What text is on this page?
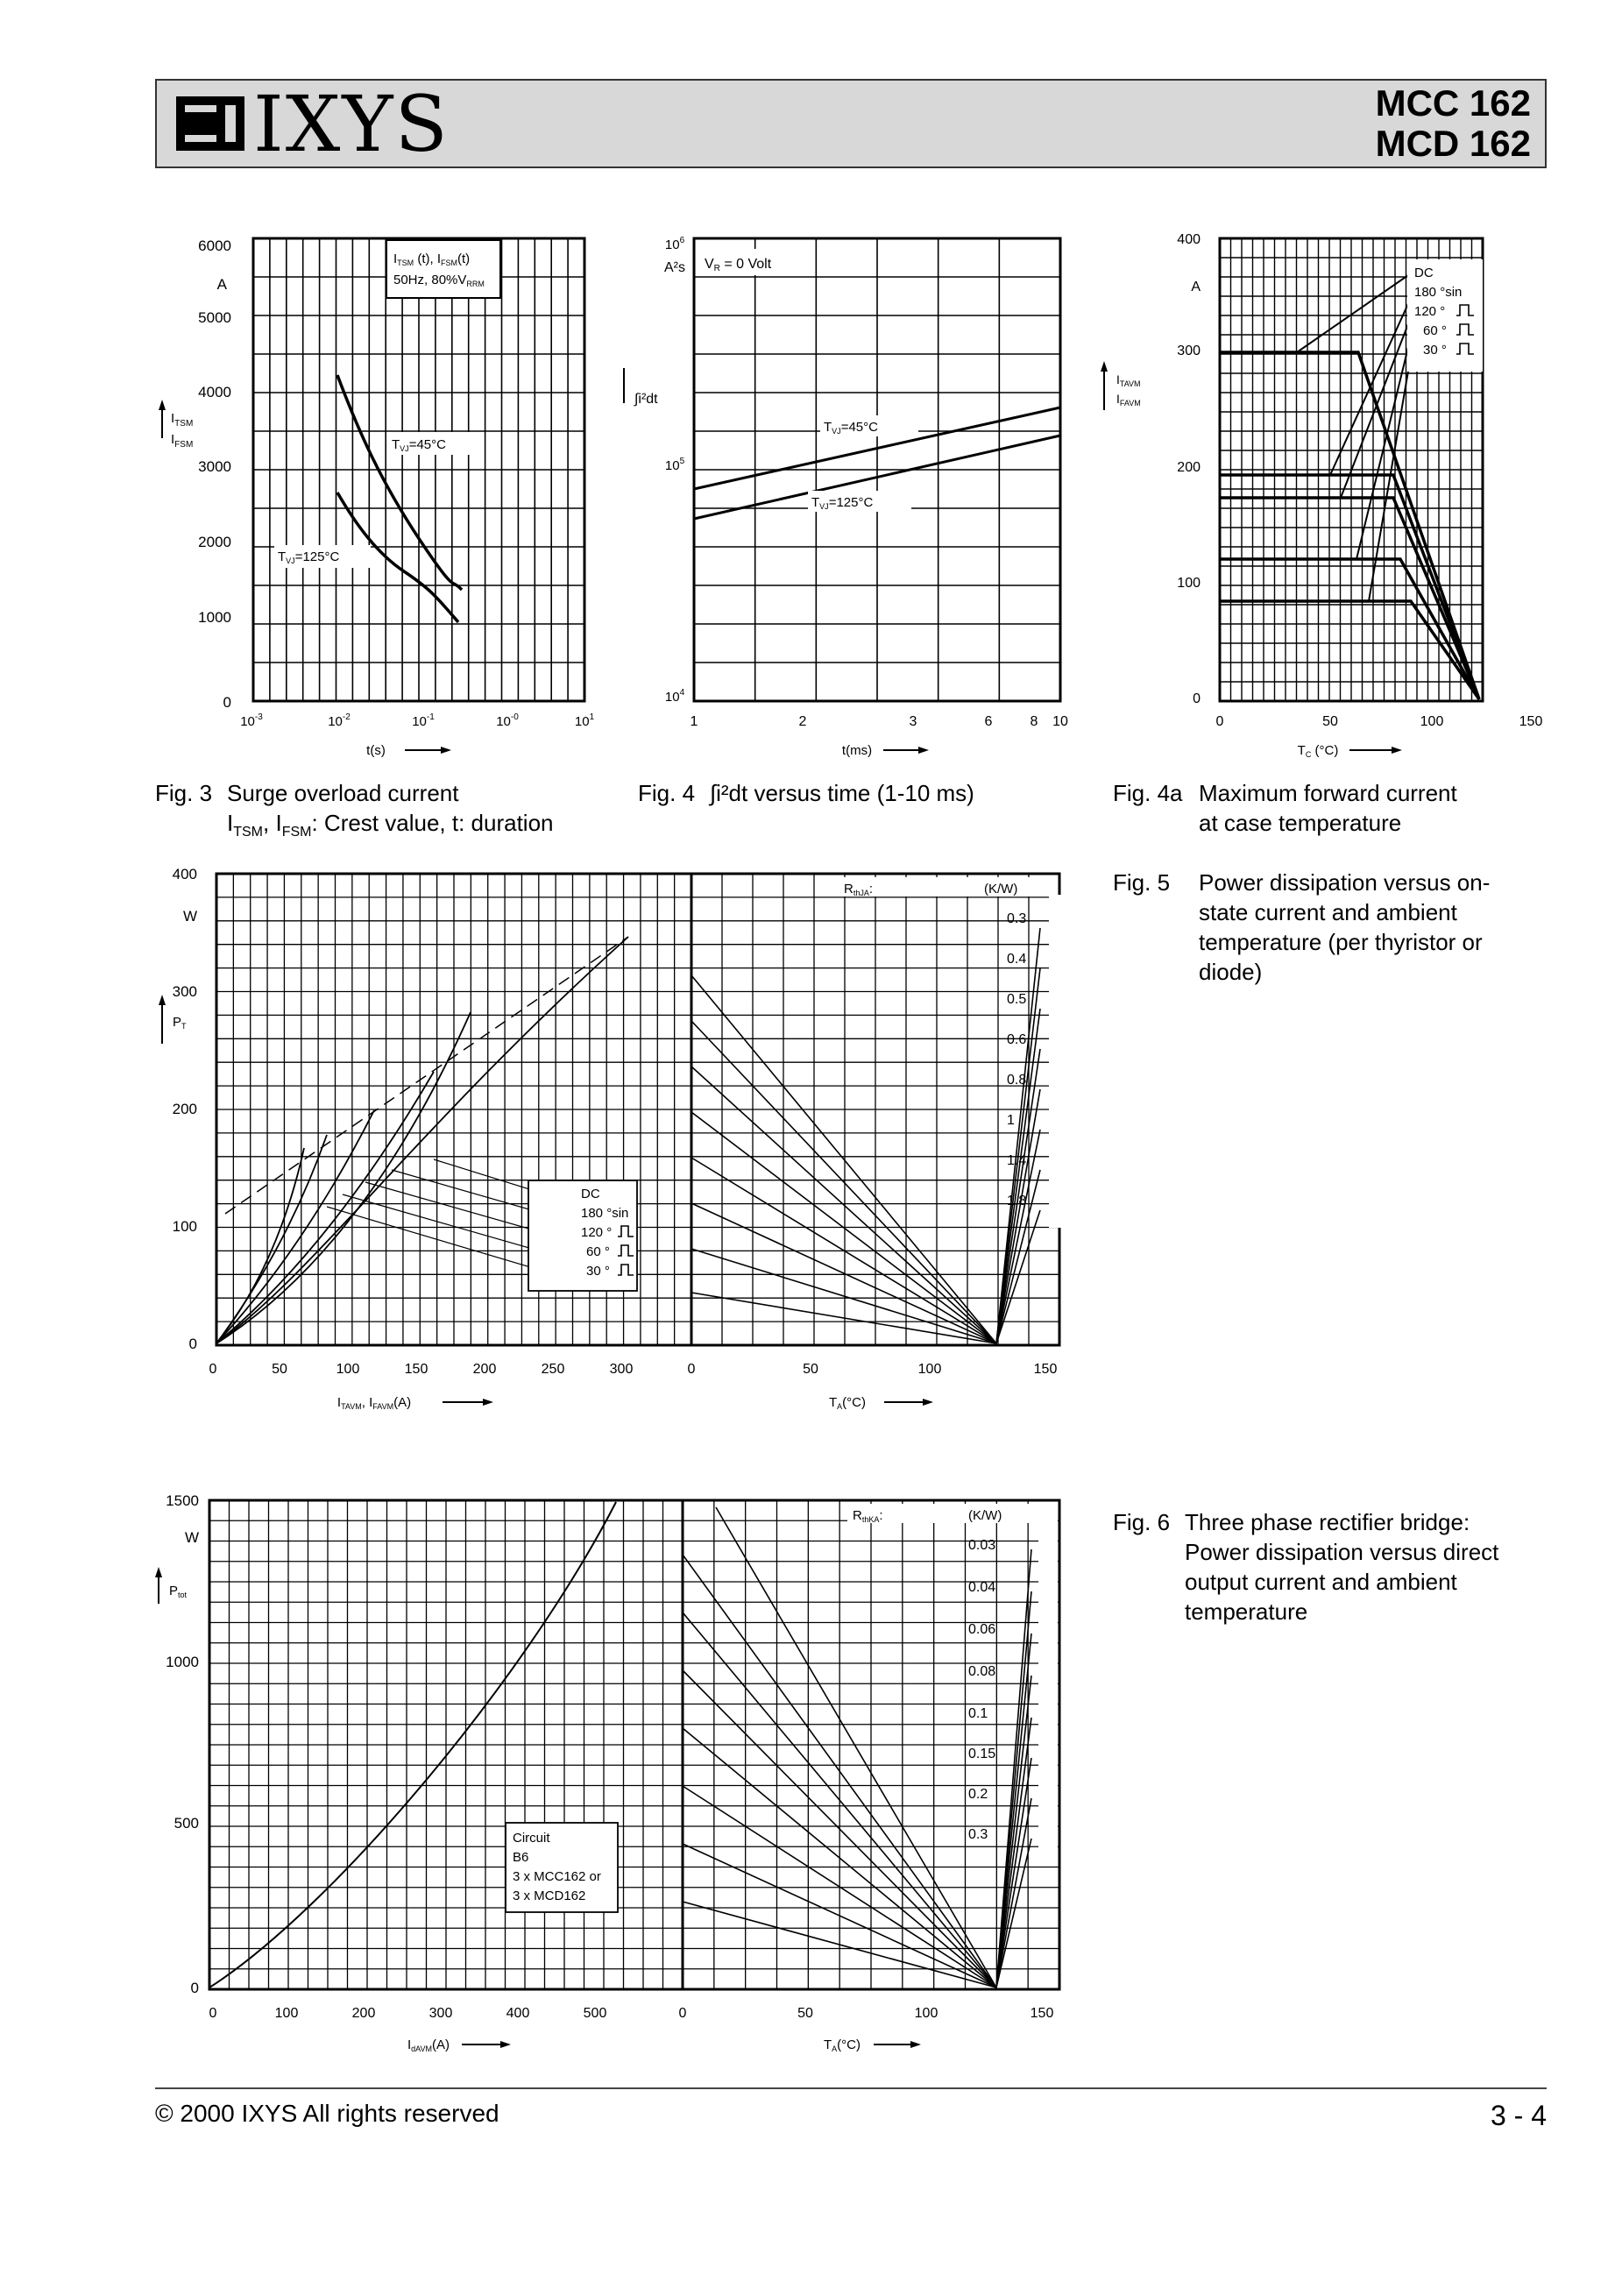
IXYS	MCC 162
MCD 162
6000
5000
4000
3000
2000
1000
0
A
$I_{TSM}$
$I_{FSM}$
$10^{-3}$	$10^{-2}$	$10^{-1}$	$10^{-0}$	$10^1$
t(s)
$I_{TSM}$ (t), $I_{FSM}(t)$
50Hz, $80\%V_{RRM}$
$T_{VJ}=45^\circ C$
$T_{VJ}=125^\circ C$
$10^6$
$10^5$
$10^4$
A²s
∫i²dt
1	2	3	6	8 10
t(ms)
VR = 0 Volt
$T_{VJ}=45^\circ C$
$T_{VJ}=125^\circ C$
400
300
200
100
0
A
$I_{TAVM}$
$I_{FAVM}$
0	50	100	150
$T_C$ (°C)
DC
180 °sin
120 °
60 °
30 °
Fig. 3 Surge overload current
$I_{TSM}$, $I_{FSM}$: Crest value, t: duration
Fig. 4 ∫i²dt versus time (1-10 ms)	Fig. 4a Maximum forward current
at case temperature
Fig. 5 Power dissipation versus on-
state current and ambient
temperature (per thyristor or
diode)
400
300
200
100
0
W
$P_T$
0	50	100	150	200	250	300
$I_{TAVM}$, $I_{FAVM}(A)$
0	50	100	150
$T_A(^\circ C)$
DC
180 °sin
120 °
60 °
30 °
$R_{thJA}$:	(K/W)
0.3
0.4
0.5
0.6
0.8
1
1.4
1.8
Fig. 6 Three phase rectifier bridge:
Power dissipation versus direct
output current and ambient
temperature
1500
1000
500
0
W
$P_{tot}$
0	100	200	300	400	500
$I_{dAVM}(A)$
0	50	100	150
$T_A(^\circ C)$
Circuit
B6
3 x MCC162 or
3 x MCD162
$R_{thKA}$:	(K/W)
0.03
0.04
0.06
0.08
0.1
0.15
0.2
0.3
© 2000 IXYS All rights reserved	3 - 4
